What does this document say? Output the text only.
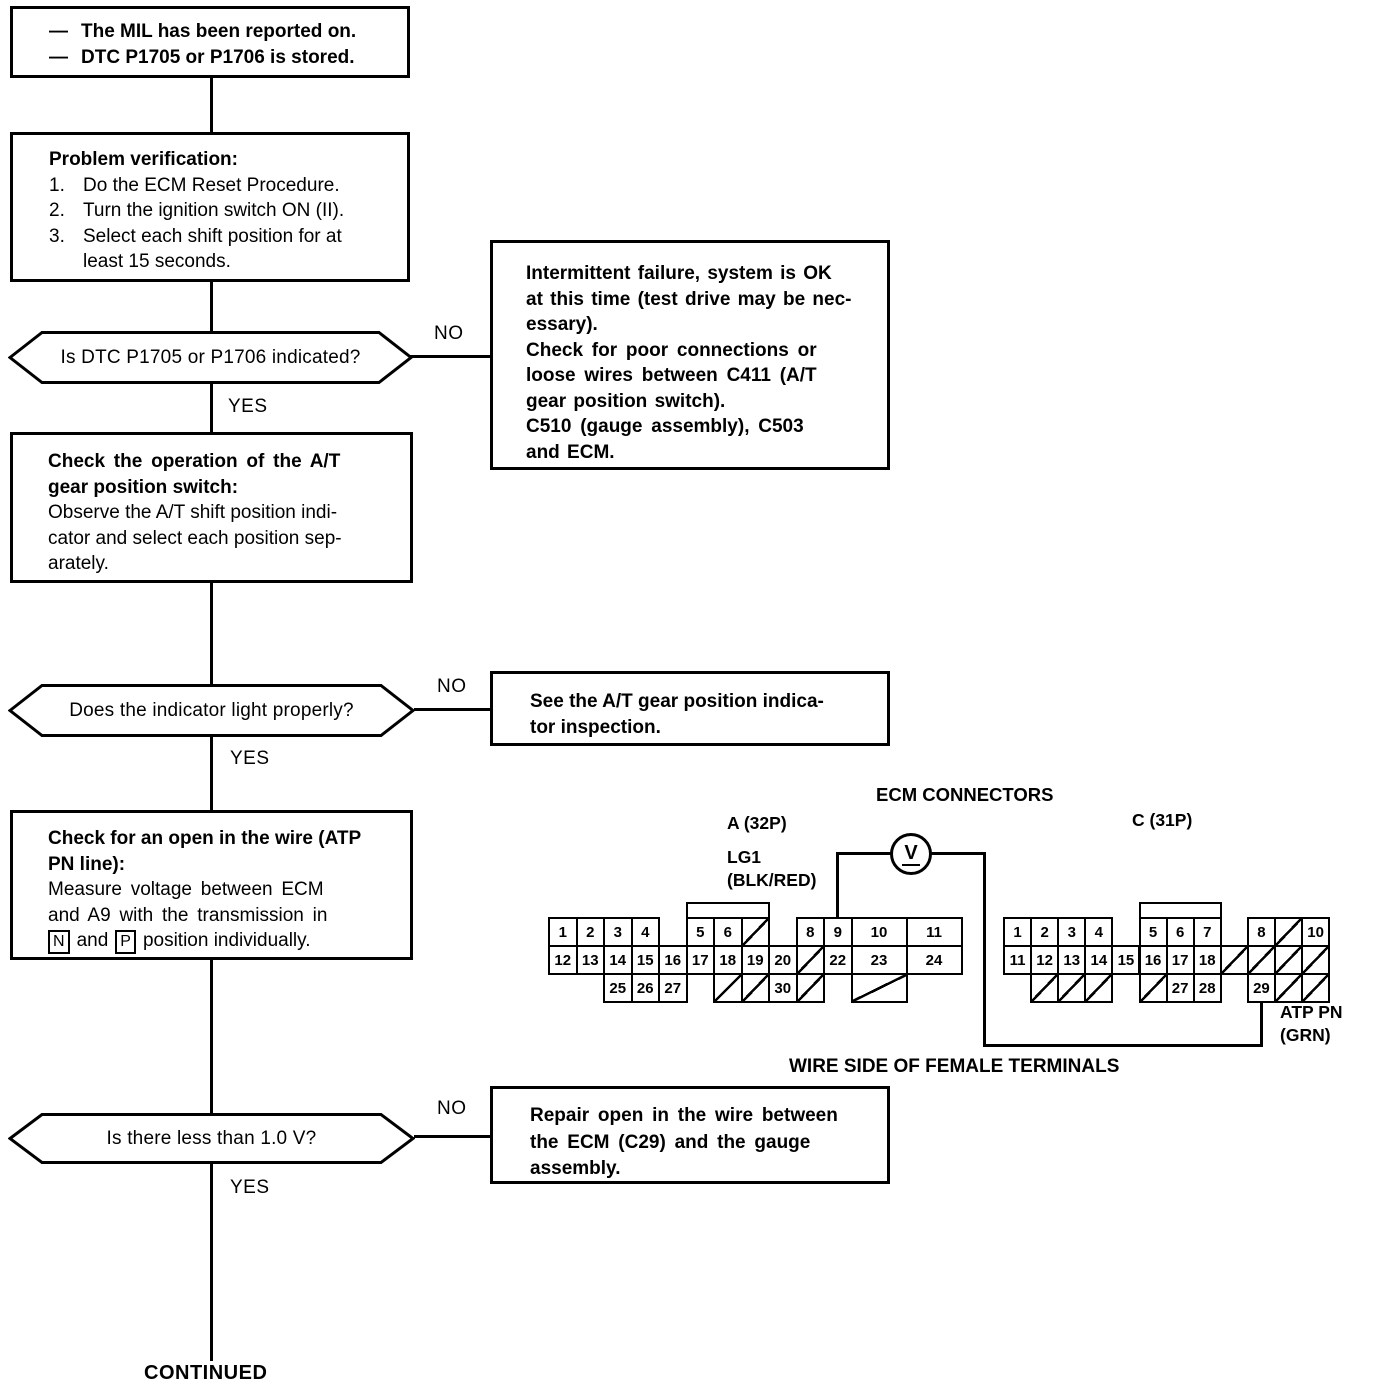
— The MIL has been reported on.
— DTC P1705 or P1706 is stored.
Problem verification:
1. Do the ECM Reset Procedure.
2. Turn the ignition switch ON (II).
3. Select each shift position for at
least 15 seconds.
Is DTC P1705 or P1706 indicated?
NO
YES
Intermittent failure, system is OK
at this time (test drive may be nec-
essary).
Check for poor connections or
loose wires between C411 (A/T
gear position switch).
C510 (gauge assembly), C503
and ECM.
Check the operation of the A/T
gear position switch:
Observe the A/T shift position indi-
cator and select each position sep-
arately.
Does the indicator light properly?
NO
YES
See the A/T gear position indica-
tor inspection.
Check for an open in the wire (ATP
PN line):
Measure voltage between ECM
and A9 with the transmission in
N and P position individually.
Is there less than 1.0 V?
NO
YES
Repair open in the wire between
the ECM (C29) and the gauge
assembly.
CONTINUED
ECM CONNECTORS
A (32P)
LG1
(BLK/RED)
C (31P)
V
1	2	3	4	5	6	8	9	10	11
12 13 14 15 16 17 18 19 20	22	23	24
25 26 27	30
1	2	3	4	5	6	7	8	10
11 12 13 14 15 16 17 18
27 28	29
ATP PN
(GRN)
WIRE SIDE OF FEMALE TERMINALS
